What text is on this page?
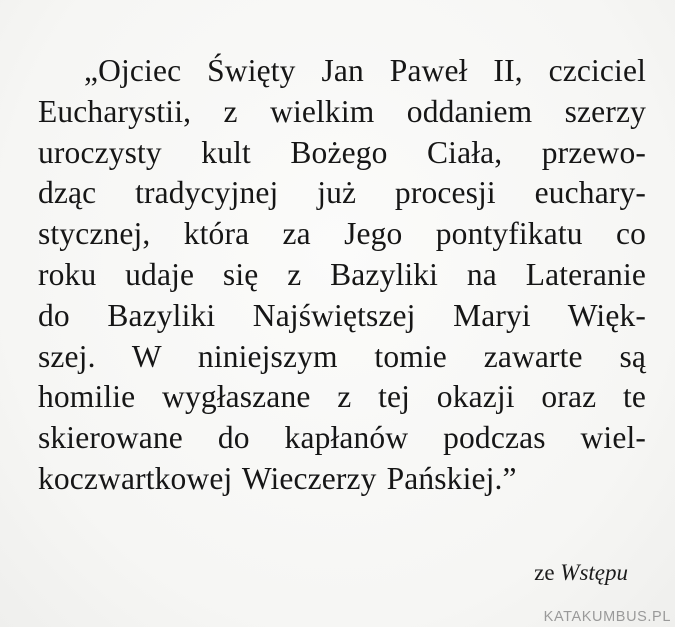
„Ojciec Święty Jan Paweł II, czciciel
Eucharystii, z wielkim oddaniem szerzy
uroczysty kult Bożego Ciała, przewo-
dząc tradycyjnej już procesji euchary-
stycznej, która za Jego pontyfikatu co
roku udaje się z Bazyliki na Lateranie
do Bazyliki Najświętszej Maryi Więk-
szej. W niniejszym tomie zawarte są
homilie wygłaszane z tej okazji oraz te
skierowane do kapłanów podczas wiel-
koczwartkowej Wieczerzy Pańskiej.”

ze Wstępu
KATAKUMBUS.PL
